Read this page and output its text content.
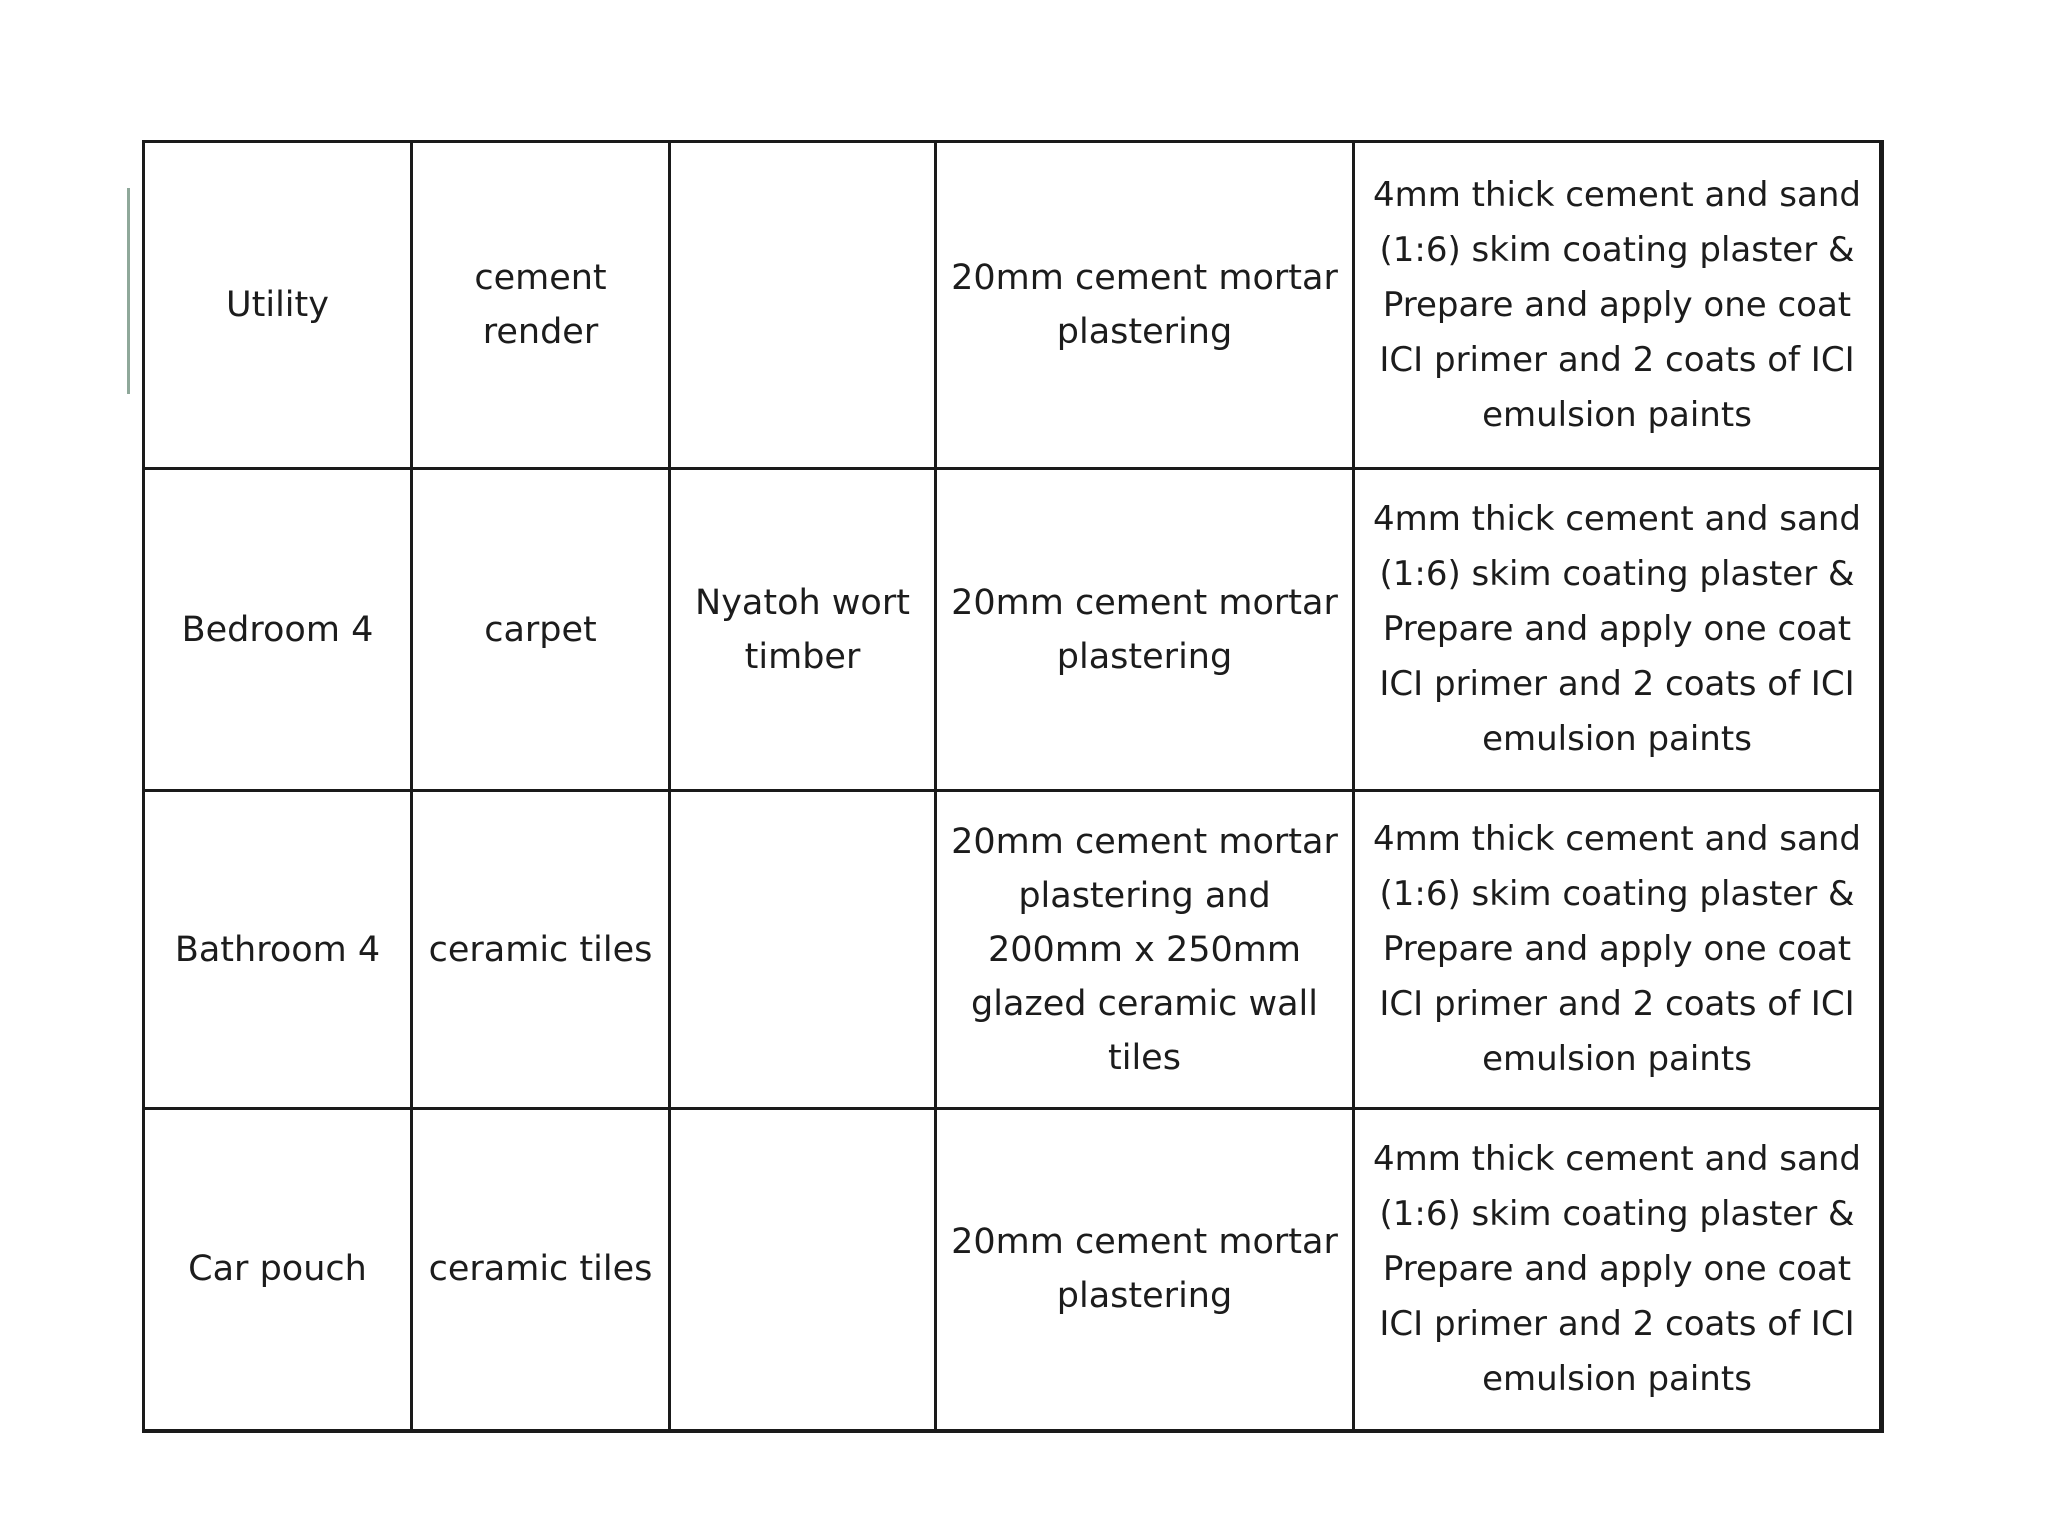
Utility	cement render		20mm cement mortar plastering	4mm thick cement and sand (1:6) skim coating plaster & Prepare and apply one coat ICI primer and 2 coats of ICI emulsion paints
Bedroom 4	carpet	Nyatoh wort timber	20mm cement mortar plastering	4mm thick cement and sand (1:6) skim coating plaster & Prepare and apply one coat ICI primer and 2 coats of ICI emulsion paints
Bathroom 4	ceramic tiles		20mm cement mortar plastering and 200mm x 250mm glazed ceramic wall tiles	4mm thick cement and sand (1:6) skim coating plaster & Prepare and apply one coat ICI primer and 2 coats of ICI emulsion paints
Car pouch	ceramic tiles		20mm cement mortar plastering	4mm thick cement and sand (1:6) skim coating plaster & Prepare and apply one coat ICI primer and 2 coats of ICI emulsion paints
